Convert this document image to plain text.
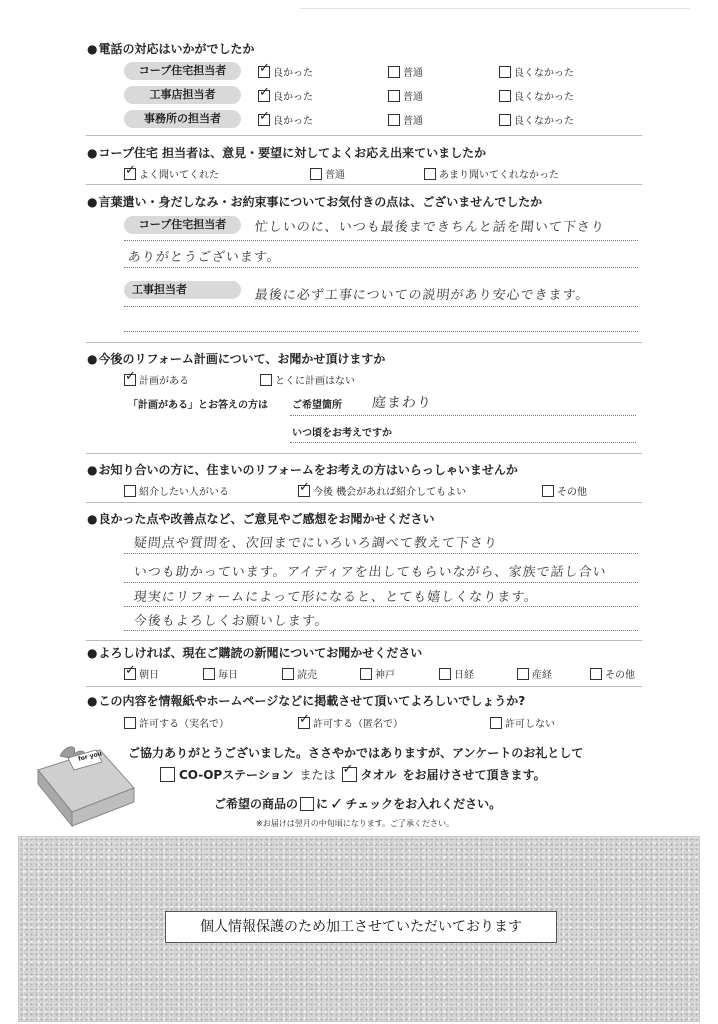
● 電話の対応はいかがでしたか
コープ住宅担当者 ✓	良かった	普通	良くなかった
工事店担当者 ✓	良かった	普通	良くなかった
事務所の担当者 ✓	良かった	普通	良くなかった
● コープ住宅 担当者は、意見・要望に対してよくお応え出来ていましたか
✓
よく聞いてくれた	普通	あまり聞いてくれなかった
● 言葉遣い・身だしなみ・お約束事についてお気付きの点は、ございませんでしたか
コープ住宅担当者	忙しいのに、いつも最後まできちんと話を聞いて下さり
ありがとうございます。
工事担当者	最後に必ず工事についての説明があり安心できます。
● 今後のリフォーム計画について、お聞かせ頂けますか
✓
計画がある	とくに計画はない
「計画がある」とお答えの方は ご希望箇所 庭まわり
いつ頃をお考えですか
● お知り合いの方に、住まいのリフォームをお考えの方はいらっしゃいませんか
紹介したい人がいる ✓	今後 機会があれば紹介してもよい	その他
● 良かった点や改善点など、ご意見やご感想をお聞かせください
疑問点や質問を、次回までにいろいろ調べて教えて下さり
いつも助かっています。アイディアを出してもらいながら、家族で話し合い
現実にリフォームによって形になると、とても嬉しくなります。
今後もよろしくお願いします。
● よろしければ、現在ご購読の新聞についてお聞かせください
✓
朝日	毎日	読売	神戸	日経	産経	その他
● この内容を情報紙やホームページなどに掲載させて頂いてよろしいでしょうか?
許可する（実名で） ✓	許可する（匿名で）	許可しない
for you ご協力ありがとうございました。ささやかではありますが、アンケートのお礼として
CO-OPステーション または ✓ タオル をお届けさせて頂きます。
ご希望の商品の に ✓ チェックをお入れください。
※お届けは翌月の中旬頃になります。ご了承ください。
個人情報保護のため加工させていただいております
